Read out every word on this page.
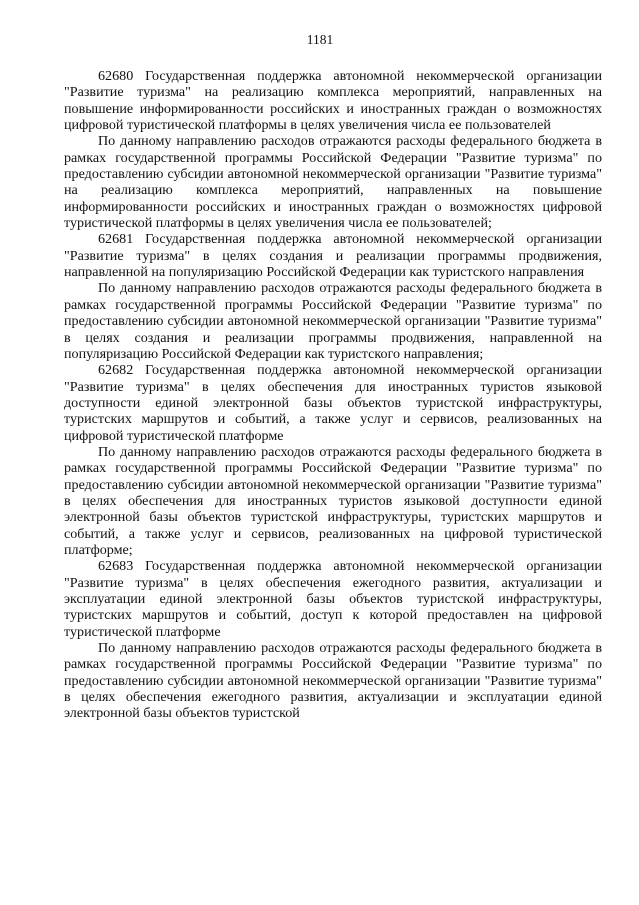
1181

62680 Государственная поддержка автономной некоммерческой организации "Развитие туризма" на реализацию комплекса мероприятий, направленных на повышение информированности российских и иностранных граждан о возможностях цифровой туристической платформы в целях увеличения числа ее пользователей

По данному направлению расходов отражаются расходы федерального бюджета в рамках государственной программы Российской Федерации "Развитие туризма" по предоставлению субсидии автономной некоммерческой организации "Развитие туризма" на реализацию комплекса мероприятий, направленных на повышение информированности российских и иностранных граждан о возможностях цифровой туристической платформы в целях увеличения числа ее пользователей;

62681 Государственная поддержка автономной некоммерческой организации "Развитие туризма" в целях создания и реализации программы продвижения, направленной на популяризацию Российской Федерации как туристского направления

По данному направлению расходов отражаются расходы федерального бюджета в рамках государственной программы Российской Федерации "Развитие туризма" по предоставлению субсидии автономной некоммерческой организации "Развитие туризма" в целях создания и реализации программы продвижения, направленной на популяризацию Российской Федерации как туристского направления;

62682 Государственная поддержка автономной некоммерческой организации "Развитие туризма" в целях обеспечения для иностранных туристов языковой доступности единой электронной базы объектов туристской инфраструктуры, туристских маршрутов и событий, а также услуг и сервисов, реализованных на цифровой туристической платформе

По данному направлению расходов отражаются расходы федерального бюджета в рамках государственной программы Российской Федерации "Развитие туризма" по предоставлению субсидии автономной некоммерческой организации "Развитие туризма" в целях обеспечения для иностранных туристов языковой доступности единой электронной базы объектов туристской инфраструктуры, туристских маршрутов и событий, а также услуг и сервисов, реализованных на цифровой туристической платформе;

62683 Государственная поддержка автономной некоммерческой организации "Развитие туризма" в целях обеспечения ежегодного развития, актуализации и эксплуатации единой электронной базы объектов туристской инфраструктуры, туристских маршрутов и событий, доступ к которой предоставлен на цифровой туристической платформе

По данному направлению расходов отражаются расходы федерального бюджета в рамках государственной программы Российской Федерации "Развитие туризма" по предоставлению субсидии автономной некоммерческой организации "Развитие туризма" в целях обеспечения ежегодного развития, актуализации и эксплуатации единой электронной базы объектов туристской
